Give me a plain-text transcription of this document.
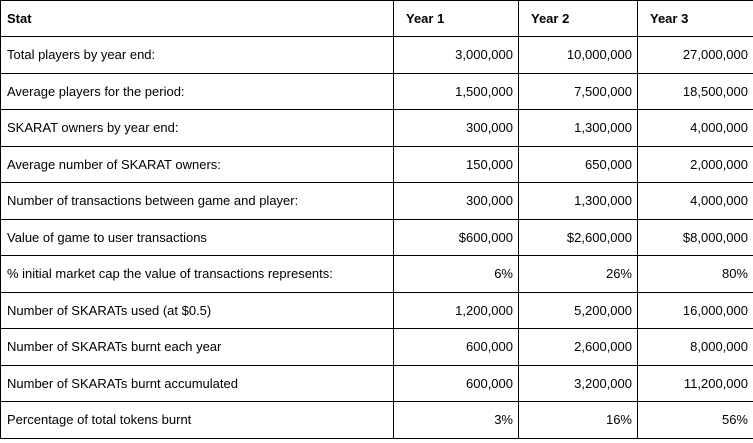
Stat	Year 1	Year 2	Year 3
Total players by year end:	3,000,000	10,000,000	27,000,000
Average players for the period:	1,500,000	7,500,000	18,500,000
SKARAT owners by year end:	300,000	1,300,000	4,000,000
Average number of SKARAT owners:	150,000	650,000	2,000,000
Number of transactions between game and player:	300,000	1,300,000	4,000,000
Value of game to user transactions	$600,000	$2,600,000	$8,000,000
% initial market cap the value of transactions represents:	6%	26%	80%
Number of SKARATs used (at $0.5)	1,200,000	5,200,000	16,000,000
Number of SKARATs burnt each year	600,000	2,600,000	8,000,000
Number of SKARATs burnt accumulated	600,000	3,200,000	11,200,000
Percentage of total tokens burnt	3%	16%	56%
